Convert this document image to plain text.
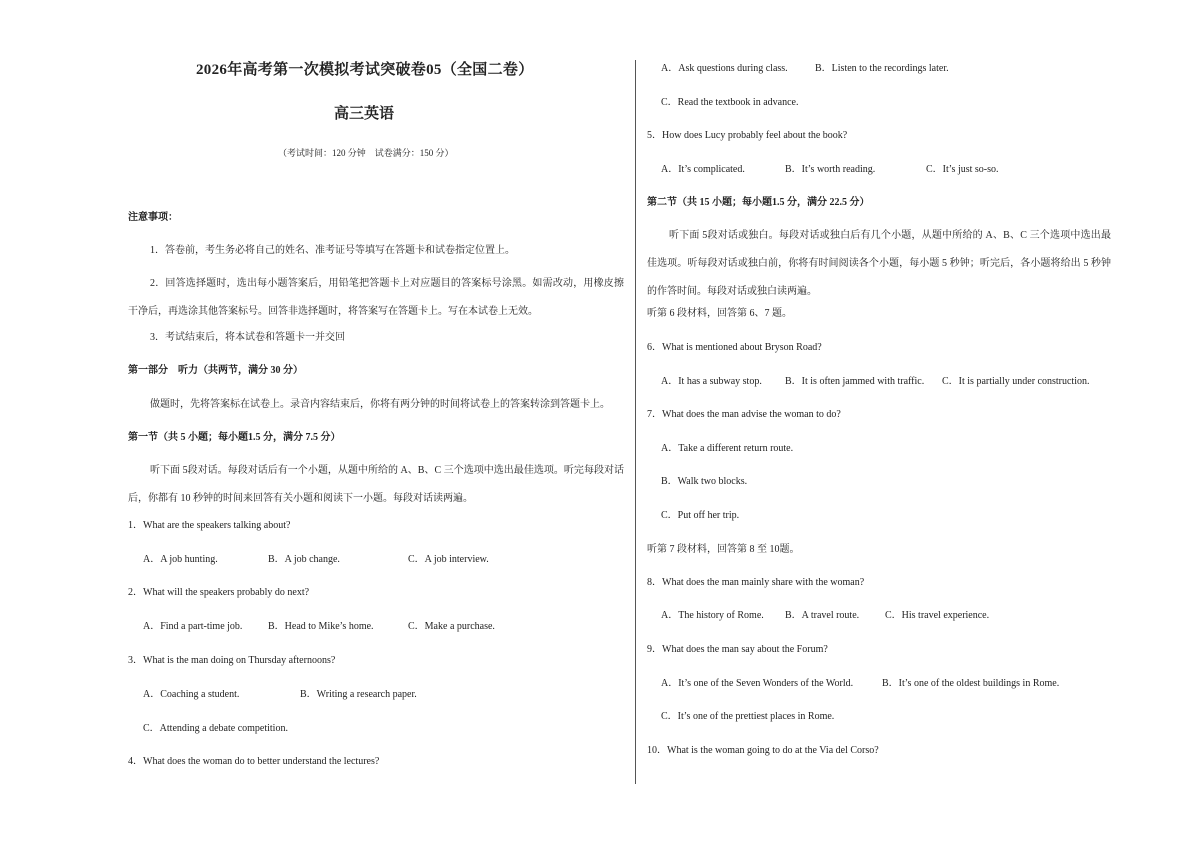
2026年高考第一次模拟考试突破卷05（全国二卷）
高三英语
（考试时间：120 分钟　试卷满分：150 分）
注意事项：
1．答卷前，考生务必将自己的姓名、准考证号等填写在答题卡和试卷指定位置上。
2．回答选择题时，选出每小题答案后，用铅笔把答题卡上对应题目的答案标号涂黑。如需改动，用橡皮擦干净后，再选涂其他答案标号。回答非选择题时，将答案写在答题卡上。写在本试卷上无效。
3．考试结束后，将本试卷和答题卡一并交回
第一部分　听力（共两节，满分 30 分）
做题时，先将答案标在试卷上。录音内容结束后，你将有两分钟的时间将试卷上的答案转涂到答题卡上。
第一节（共 5 小题；每小题1.5 分，满分 7.5 分）
听下面 5段对话。每段对话后有一个小题，从题中所给的 A、B、C 三个选项中选出最佳选项。听完每段对话后，你都有 10 秒钟的时间来回答有关小题和阅读下一小题。每段对话读两遍。
1．What are the speakers talking about?
A．A job hunting.	B．A job change.	C．A job interview.
2．What will the speakers probably do next?
A．Find a part-time job.	B．Head to Mike’s home.	C．Make a purchase.
3．What is the man doing on Thursday afternoons?
A．Coaching a student.	B．Writing a research paper.
C．Attending a debate competition.
4．What does the woman do to better understand the lectures?
A．Ask questions during class.	B．Listen to the recordings later.
C．Read the textbook in advance.
5．How does Lucy probably feel about the book?
A．It’s complicated.	B．It’s worth reading.	C．It’s just so-so.
第二节（共 15 小题；每小题1.5 分，满分 22.5 分）
听下面 5段对话或独白。每段对话或独白后有几个小题，从题中所给的 A、B、C 三个选项中选出最佳选项。听每段对话或独白前，你将有时间阅读各个小题，每小题 5 秒钟；听完后，各小题将给出 5 秒钟的作答时间。每段对话或独白读两遍。
听第 6 段材料，回答第 6、7 题。
6．What is mentioned about Bryson Road?
A．It has a subway stop. B．It is often jammed with traffic. C．It is partially under construction.
7．What does the man advise the woman to do?
A．Take a different return route.
B．Walk two blocks.
C．Put off her trip.
听第 7 段材料，回答第 8 至 10题。
8．What does the man mainly share with the woman?
A．The history of Rome. B．A travel route.	C．His travel experience.
9．What does the man say about the Forum?
A．It’s one of the Seven Wonders of the World.	B．It’s one of the oldest buildings in Rome.
C．It’s one of the prettiest places in Rome.
10．What is the woman going to do at the Via del Corso?
